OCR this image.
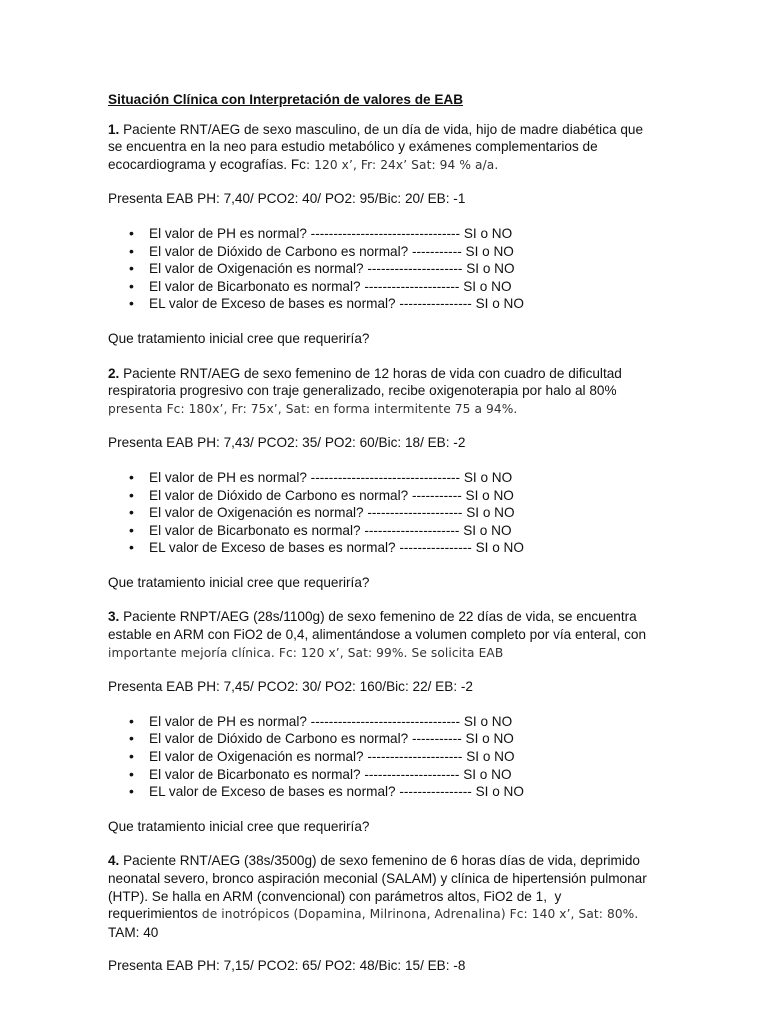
Situación Clínica con Interpretación de valores de EAB

1. Paciente RNT/AEG de sexo masculino, de un día de vida, hijo de madre diabética que
se encuentra en la neo para estudio metabólico y exámenes complementarios de
ecocardiograma y ecografías. Fc: 120 x’, Fr: 24x’ Sat: 94 % a/a.

Presenta EAB PH: 7,40/ PCO2: 40/ PO2: 95/Bic: 20/ EB: -1

• El valor de PH es normal? --------------------------------- SI o NO
• El valor de Dióxido de Carbono es normal? ----------- SI o NO
• El valor de Oxigenación es normal? --------------------- SI o NO
• El valor de Bicarbonato es normal? --------------------- SI o NO
• EL valor de Exceso de bases es normal? ---------------- SI o NO

Que tratamiento inicial cree que requeriría?

2. Paciente RNT/AEG de sexo femenino de 12 horas de vida con cuadro de dificultad
respiratoria progresivo con traje generalizado, recibe oxigenoterapia por halo al 80%
presenta Fc: 180x’, Fr: 75x’, Sat: en forma intermitente 75 a 94%.

Presenta EAB PH: 7,43/ PCO2: 35/ PO2: 60/Bic: 18/ EB: -2

• El valor de PH es normal? --------------------------------- SI o NO
• El valor de Dióxido de Carbono es normal? ----------- SI o NO
• El valor de Oxigenación es normal? --------------------- SI o NO
• El valor de Bicarbonato es normal? --------------------- SI o NO
• EL valor de Exceso de bases es normal? ---------------- SI o NO

Que tratamiento inicial cree que requeriría?

3. Paciente RNPT/AEG (28s/1100g) de sexo femenino de 22 días de vida, se encuentra
estable en ARM con FiO2 de 0,4, alimentándose a volumen completo por vía enteral, con
importante mejoría clínica. Fc: 120 x’, Sat: 99%. Se solicita EAB

Presenta EAB PH: 7,45/ PCO2: 30/ PO2: 160/Bic: 22/ EB: -2

• El valor de PH es normal? --------------------------------- SI o NO
• El valor de Dióxido de Carbono es normal? ----------- SI o NO
• El valor de Oxigenación es normal? --------------------- SI o NO
• El valor de Bicarbonato es normal? --------------------- SI o NO
• EL valor de Exceso de bases es normal? ---------------- SI o NO

Que tratamiento inicial cree que requeriría?

4. Paciente RNT/AEG (38s/3500g) de sexo femenino de 6 horas días de vida, deprimido
neonatal severo, bronco aspiración meconial (SALAM) y clínica de hipertensión pulmonar
(HTP). Se halla en ARM (convencional) con parámetros altos, FiO2 de 1,  y
requerimientos de inotrópicos (Dopamina, Milrinona, Adrenalina) Fc: 140 x’, Sat: 80%.
TAM: 40

Presenta EAB PH: 7,15/ PCO2: 65/ PO2: 48/Bic: 15/ EB: -8
